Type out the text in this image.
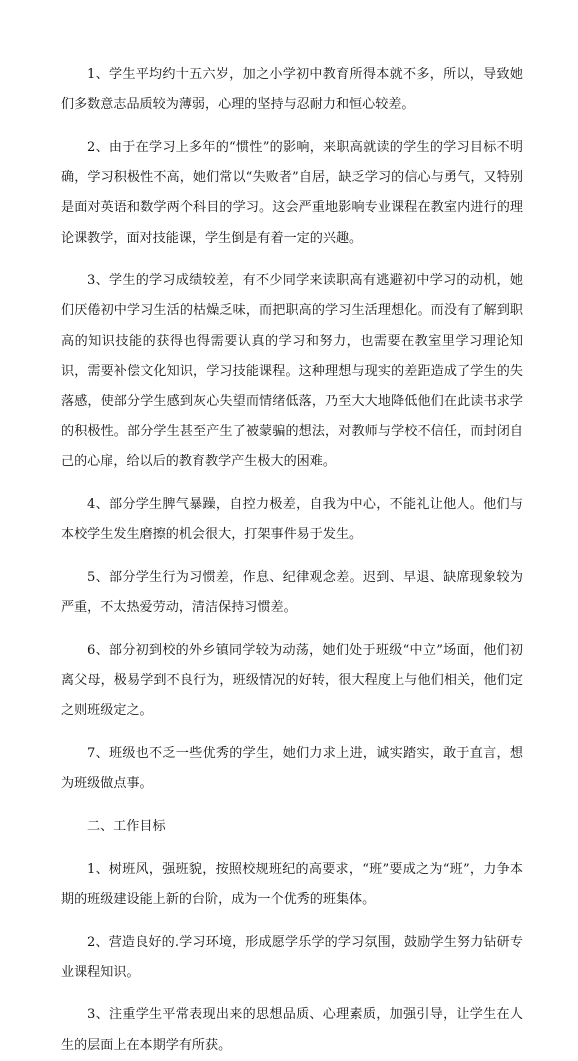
1、学生平均约十五六岁，加之小学初中教育所得本就不多，所以，导致她们多数意志品质较为薄弱，心理的坚持与忍耐力和恒心较差。

2、由于在学习上多年的“惯性”的影响，来职高就读的学生的学习目标不明确，学习积极性不高，她们常以“失败者”自居，缺乏学习的信心与勇气，又特别是面对英语和数学两个科目的学习。这会严重地影响专业课程在教室内进行的理论课教学，面对技能课，学生倒是有着一定的兴趣。

3、学生的学习成绩较差，有不少同学来读职高有逃避初中学习的动机，她们厌倦初中学习生活的枯燥乏味，而把职高的学习生活理想化。而没有了解到职高的知识技能的获得也得需要认真的学习和努力，也需要在教室里学习理论知识，需要补偿文化知识，学习技能课程。这种理想与现实的差距造成了学生的失落感，使部分学生感到灰心失望而情绪低落，乃至大大地降低他们在此读书求学的积极性。部分学生甚至产生了被蒙骗的想法，对教师与学校不信任，而封闭自己的心扉，给以后的教育教学产生极大的困难。

4、部分学生脾气暴躁，自控力极差，自我为中心，不能礼让他人。他们与本校学生发生磨擦的机会很大，打架事件易于发生。

5、部分学生行为习惯差，作息、纪律观念差。迟到、早退、缺席现象较为严重，不太热爱劳动，清洁保持习惯差。

6、部分初到校的外乡镇同学较为动荡，她们处于班级“中立”场面，他们初离父母，极易学到不良行为，班级情况的好转，很大程度上与他们相关，他们定之则班级定之。

7、班级也不乏一些优秀的学生，她们力求上进，诚实踏实，敢于直言，想为班级做点事。

二、工作目标

1、树班风，强班貌，按照校规班纪的高要求，“班”要成之为“班”，力争本期的班级建设能上新的台阶，成为一个优秀的班集体。

2、营造良好的.学习环境，形成愿学乐学的学习氛围，鼓励学生努力钻研专业课程知识。

3、注重学生平常表现出来的思想品质、心理素质，加强引导，让学生在人生的层面上在本期学有所获。
